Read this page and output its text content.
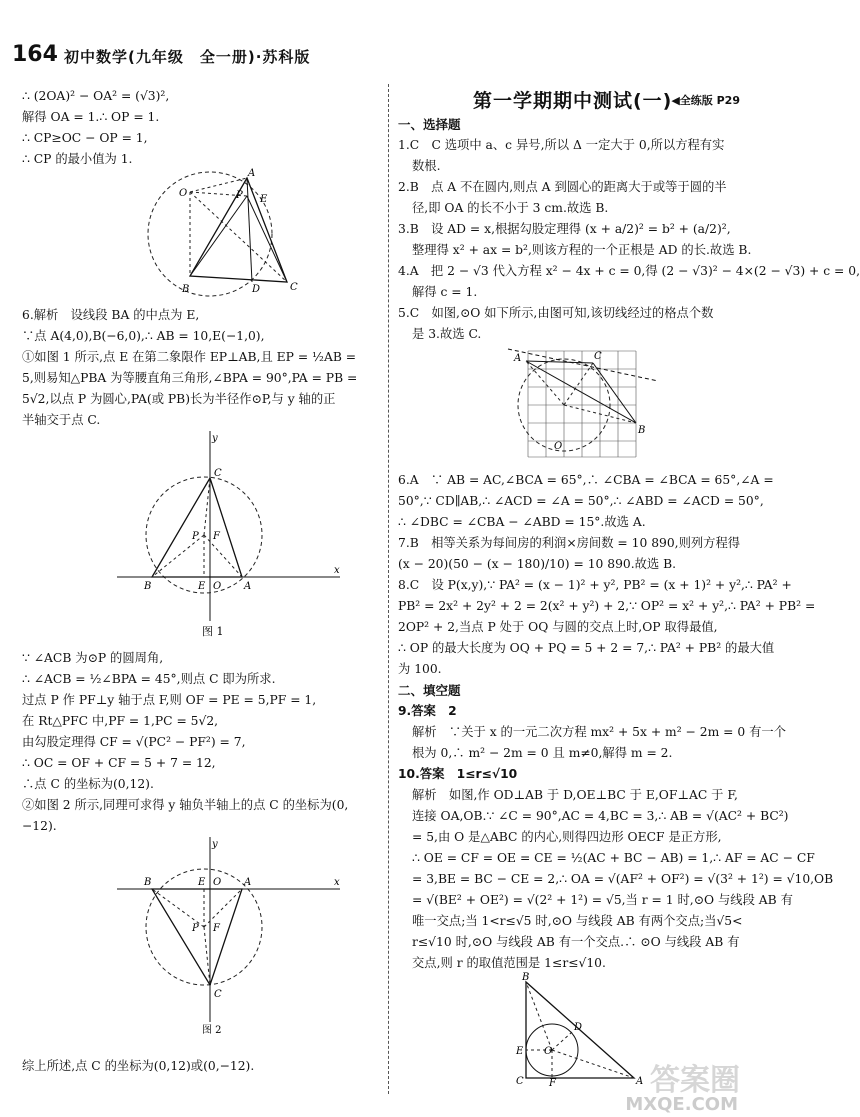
164 初中数学(九年级　全一册)·苏科版
∴ (2OA)² − OA² = (√3)²,
解得 OA = 1.∴ OP = 1.
∴ CP≥OC − OP = 1,
∴ CP 的最小值为 1.
A
O	P E
B	D	C
6.解析　设线段 BA 的中点为 E,
∵点 A(4,0),B(−6,0),∴ AB = 10,E(−1,0),
①如图 1 所示,点 E 在第二象限作 EP⊥AB,且 EP = ½AB =
5,则易知△PBA 为等腰直角三角形,∠BPA = 90°,PA = PB =
5√2,以点 P 为圆心,PA(或 PB)长为半径作⊙P,与 y 轴的正
半轴交于点 C.
y
C
P F
B	E O A
x
图 1
∵ ∠ACB 为⊙P 的圆周角,
∴ ∠ACB = ½∠BPA = 45°,则点 C 即为所求.
过点 P 作 PF⊥y 轴于点 F,则 OF = PE = 5,PF = 1,
在 Rt△PFC 中,PF = 1,PC = 5√2,
由勾股定理得 CF = √(PC² − PF²) = 7,
∴ OC = OF + CF = 5 + 7 = 12,
∴点 C 的坐标为(0,12).
②如图 2 所示,同理可求得 y 轴负半轴上的点 C 的坐标为(0,
−12).
y
B	E O A	x
P F
C
图 2
综上所述,点 C 的坐标为(0,12)或(0,−12).
第一学期期中测试(一)
◀全练版 P29
一、选择题
1.C　C 选项中 a、c 异号,所以 Δ 一定大于 0,所以方程有实
数根.
2.B　点 A 不在圆内,则点 A 到圆心的距离大于或等于圆的半
径,即 OA 的长不小于 3 cm.故选 B.
3.B　设 AD = x,根据勾股定理得 (x + a/2)² = b² + (a/2)²,
整理得 x² + ax = b²,则该方程的一个正根是 AD 的长.故选 B.
4.A　把 2 − √3 代入方程 x² − 4x + c = 0,得 (2 − √3)² − 4×(2 − √3) + c = 0,
解得 c = 1.
5.C　如图,⊙O 如下所示,由图可知,该切线经过的格点个数
是 3.故选 C.
A	C
B
O
6.A　∵ AB = AC,∠BCA = 65°,∴ ∠CBA = ∠BCA = 65°,∠A =
50°,∵ CD∥AB,∴ ∠ACD = ∠A = 50°,∴ ∠ABD = ∠ACD = 50°,
∴ ∠DBC = ∠CBA − ∠ABD = 15°.故选 A.
7.B　相等关系为每间房的利润×房间数 = 10 890,则列方程得
(x − 20)(50 − (x − 180)/10) = 10 890.故选 B.
8.C　设 P(x,y),∵ PA² = (x − 1)² + y², PB² = (x + 1)² + y²,∴ PA² +
PB² = 2x² + 2y² + 2 = 2(x² + y²) + 2,∵ OP² = x² + y²,∴ PA² + PB² =
2OP² + 2,当点 P 处于 OQ 与圆的交点上时,OP 取得最值,
∴ OP 的最大长度为 OQ + PQ = 5 + 2 = 7,∴ PA² + PB² 的最大值
为 100.
二、填空题
9.答案　2
解析　∵关于 x 的一元二次方程 mx² + 5x + m² − 2m = 0 有一个
根为 0,∴ m² − 2m = 0 且 m≠0,解得 m = 2.
10.答案　1≤r≤√10
解析　如图,作 OD⊥AB 于 D,OE⊥BC 于 E,OF⊥AC 于 F,
连接 OA,OB.∵ ∠C = 90°,AC = 4,BC = 3,∴ AB = √(AC² + BC²)
= 5,由 O 是△ABC 的内心,则得四边形 OECF 是正方形,
∴ OE = CF = OE = CE = ½(AC + BC − AB) = 1,∴ AF = AC − CF
= 3,BE = BC − CE = 2,∴ OA = √(AF² + OF²) = √(3² + 1²) = √10,OB
= √(BE² + OE²) = √(2² + 1²) = √5,当 r = 1 时,⊙O 与线段 AB 有
唯一交点;当 1<r≤√5 时,⊙O 与线段 AB 有两个交点;当√5<
r≤√10 时,⊙O 与线段 AB 有一个交点.∴ ⊙O 与线段 AB 有
交点,则 r 的取值范围是 1≤r≤√10.
B
D
E O
C	F	A 答案圈
MXQE.COM
